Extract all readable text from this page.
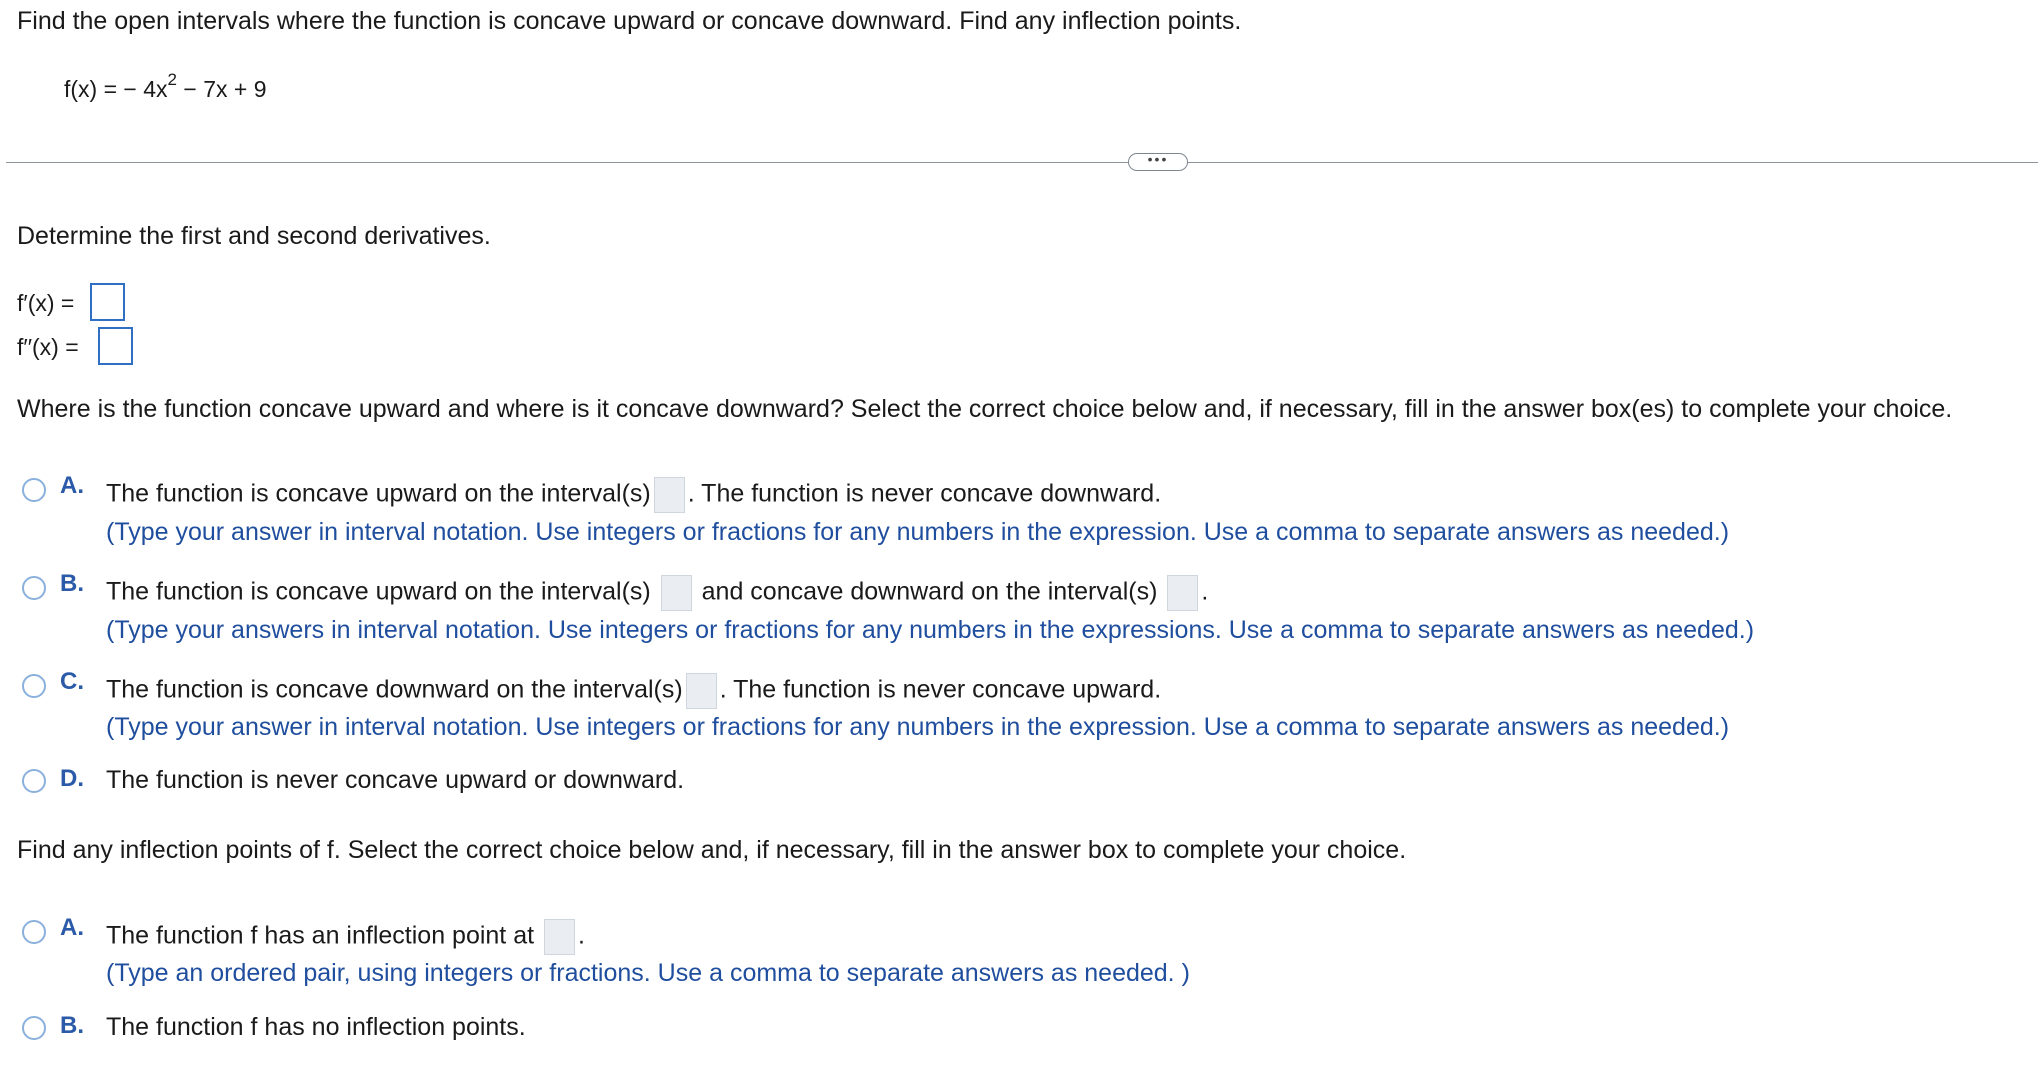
Find the open intervals where the function is concave upward or concave downward. Find any inflection points.
f(x) = − $4x^2 - 7x + 9$
•••
Determine the first and second derivatives.
f′(x) =
f′′(x) =
Where is the function concave upward and where is it concave downward? Select the correct choice below and, if necessary, fill in the answer box(es) to complete your choice.
A. The function is concave upward on the interval(s) . The function is never concave downward.
(Type your answer in interval notation. Use integers or fractions for any numbers in the expression. Use a comma to separate answers as needed.)
B. The function is concave upward on the interval(s) and concave downward on the interval(s) .
(Type your answers in interval notation. Use integers or fractions for any numbers in the expressions. Use a comma to separate answers as needed.)
C. The function is concave downward on the interval(s) . The function is never concave upward.
(Type your answer in interval notation. Use integers or fractions for any numbers in the expression. Use a comma to separate answers as needed.)
D. The function is never concave upward or downward.
Find any inflection points of f. Select the correct choice below and, if necessary, fill in the answer box to complete your choice.
A. The function f has an inflection point at .
(Type an ordered pair, using integers or fractions. Use a comma to separate answers as needed. )
B. The function f has no inflection points.
